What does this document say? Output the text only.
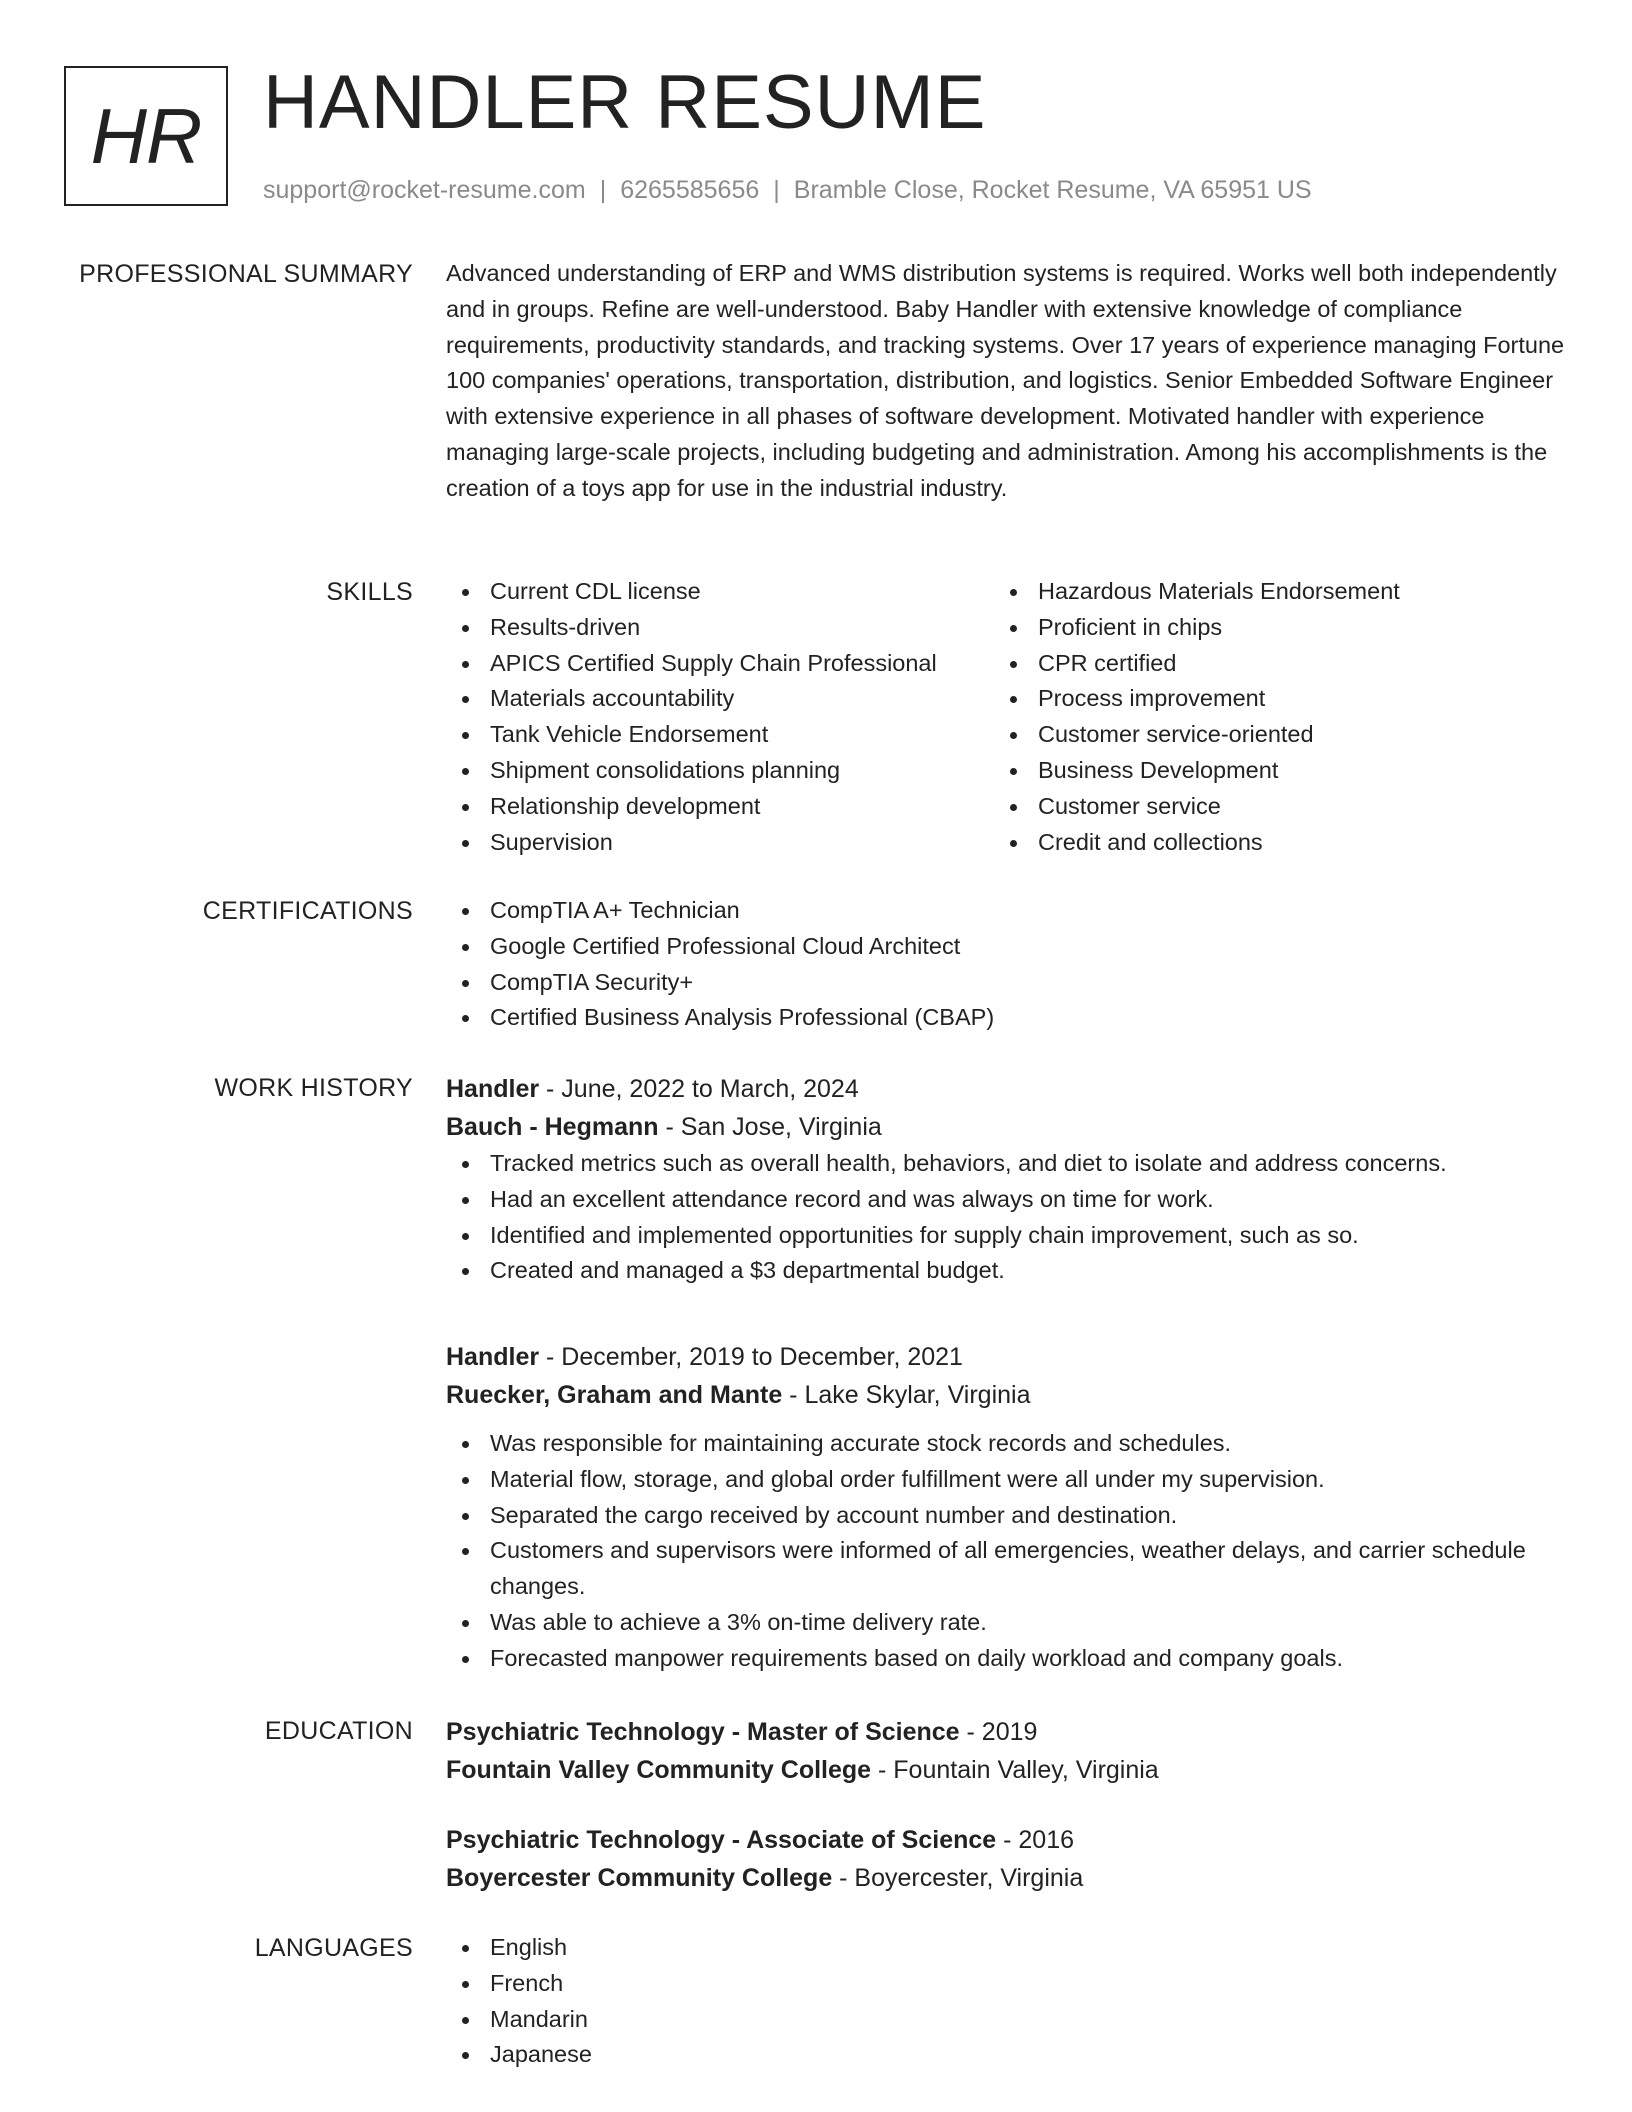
HR HANDLER RESUME
support@rocket-resume.com | 6265585656 | Bramble Close, Rocket Resume, VA 65951 US
PROFESSIONAL SUMMARY Advanced understanding of ERP and WMS distribution systems is required. Works well both independently and in groups. Refine are well-understood. Baby Handler with extensive knowledge of compliance requirements, productivity standards, and tracking systems. Over 17 years of experience managing Fortune 100 companies' operations, transportation, distribution, and logistics. Senior Embedded Software Engineer with extensive experience in all phases of software development. Motivated handler with experience managing large-scale projects, including budgeting and administration. Among his accomplishments is the creation of a toys app for use in the industrial industry.
SKILLS	Current CDL license
Results-driven
APICS Certified Supply Chain Professional
Materials accountability
Tank Vehicle Endorsement
Shipment consolidations planning
Relationship development
Supervision
Hazardous Materials Endorsement
Proficient in chips
CPR certified
Process improvement
Customer service-oriented
Business Development
Customer service
Credit and collections
CERTIFICATIONS	CompTIA A+ Technician
Google Certified Professional Cloud Architect
CompTIA Security+
Certified Business Analysis Professional (CBAP)
WORK HISTORY Handler - June, 2022 to March, 2024
Bauch - Hegmann - San Jose, Virginia
Tracked metrics such as overall health, behaviors, and diet to isolate and address concerns.
Had an excellent attendance record and was always on time for work.
Identified and implemented opportunities for supply chain improvement, such as so.
Created and managed a $3 departmental budget.
Handler - December, 2019 to December, 2021
Ruecker, Graham and Mante - Lake Skylar, Virginia
Was responsible for maintaining accurate stock records and schedules.
Material flow, storage, and global order fulfillment were all under my supervision.
Separated the cargo received by account number and destination.
Customers and supervisors were informed of all emergencies, weather delays, and carrier schedule changes.
Was able to achieve a 3% on-time delivery rate.
Forecasted manpower requirements based on daily workload and company goals.
EDUCATION Psychiatric Technology - Master of Science - 2019
Fountain Valley Community College - Fountain Valley, Virginia
Psychiatric Technology - Associate of Science - 2016
Boyercester Community College - Boyercester, Virginia
LANGUAGES	English
French
Mandarin
Japanese
